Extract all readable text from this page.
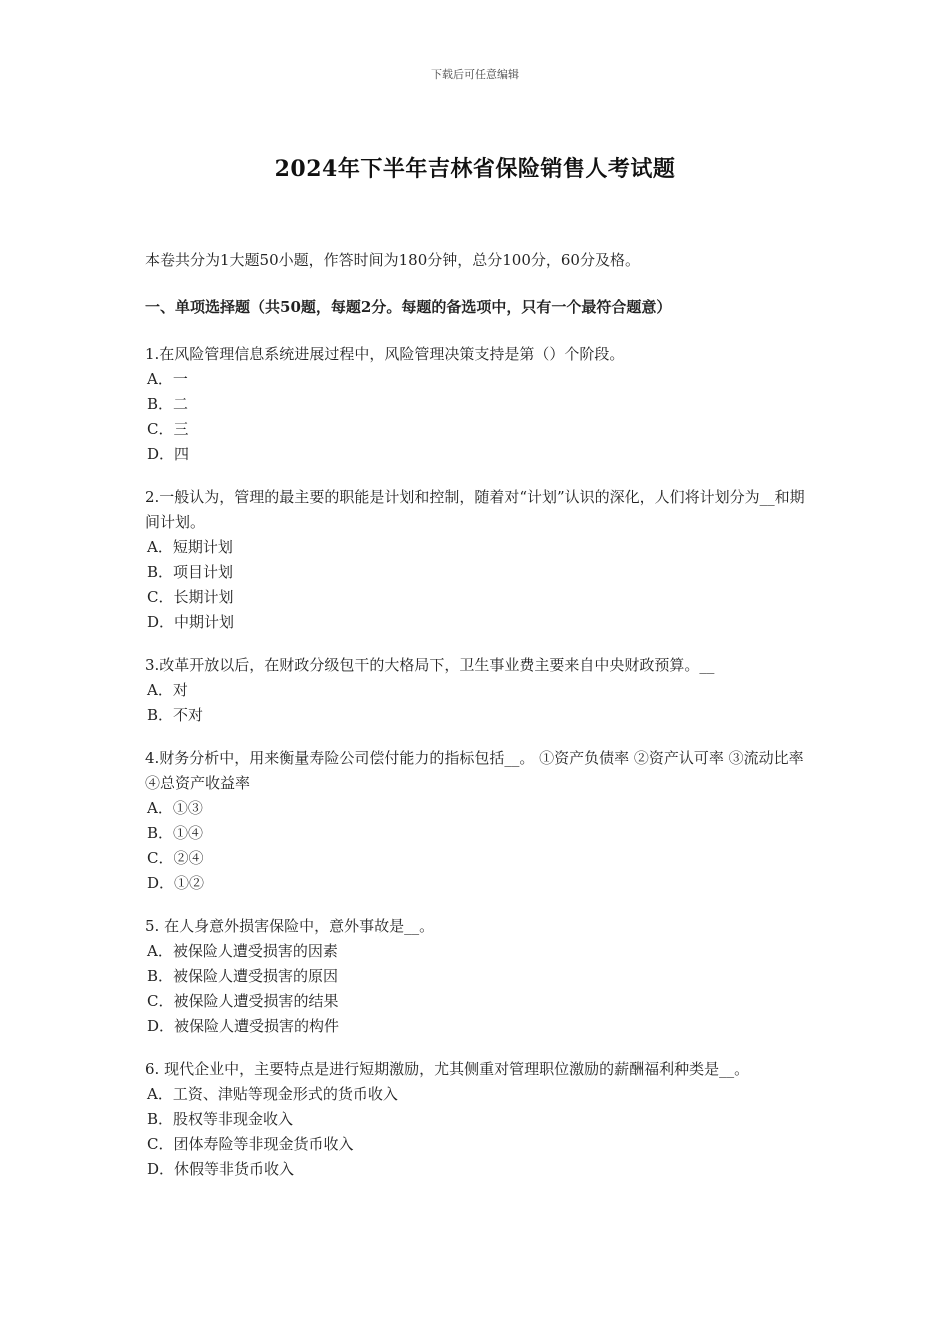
下载后可任意编辑
2024年下半年吉林省保险销售人考试题

本卷共分为1大题50小题，作答时间为180分钟，总分100分，60分及格。

一、单项选择题（共50题，每题2分。每题的备选项中，只有一个最符合题意）

1.在风险管理信息系统进展过程中，风险管理决策支持是第（）个阶段。

A．一

B．二

C．三

D．四

2.一般认为，管理的最主要的职能是计划和控制，随着对“计划”认识的深化，人们将计划分为__和期间计划。

A．短期计划

B．项目计划

C．长期计划

D．中期计划

3.改革开放以后，在财政分级包干的大格局下，卫生事业费主要来自中央财政预算。__

A．对

B．不对

4.财务分析中，用来衡量寿险公司偿付能力的指标包括__。 ①资产负债率 ②资产认可率 ③流动比率 ④总资产收益率

A．①③

B．①④

C．②④

D．①②

5. 在人身意外损害保险中，意外事故是__。

A．被保险人遭受损害的因素

B．被保险人遭受损害的原因

C．被保险人遭受损害的结果

D．被保险人遭受损害的构件

6. 现代企业中，主要特点是进行短期激励，尤其侧重对管理职位激励的薪酬福利种类是__。

A．工资、津贴等现金形式的货币收入

B．股权等非现金收入

C．团体寿险等非现金货币收入

D．休假等非货币收入
